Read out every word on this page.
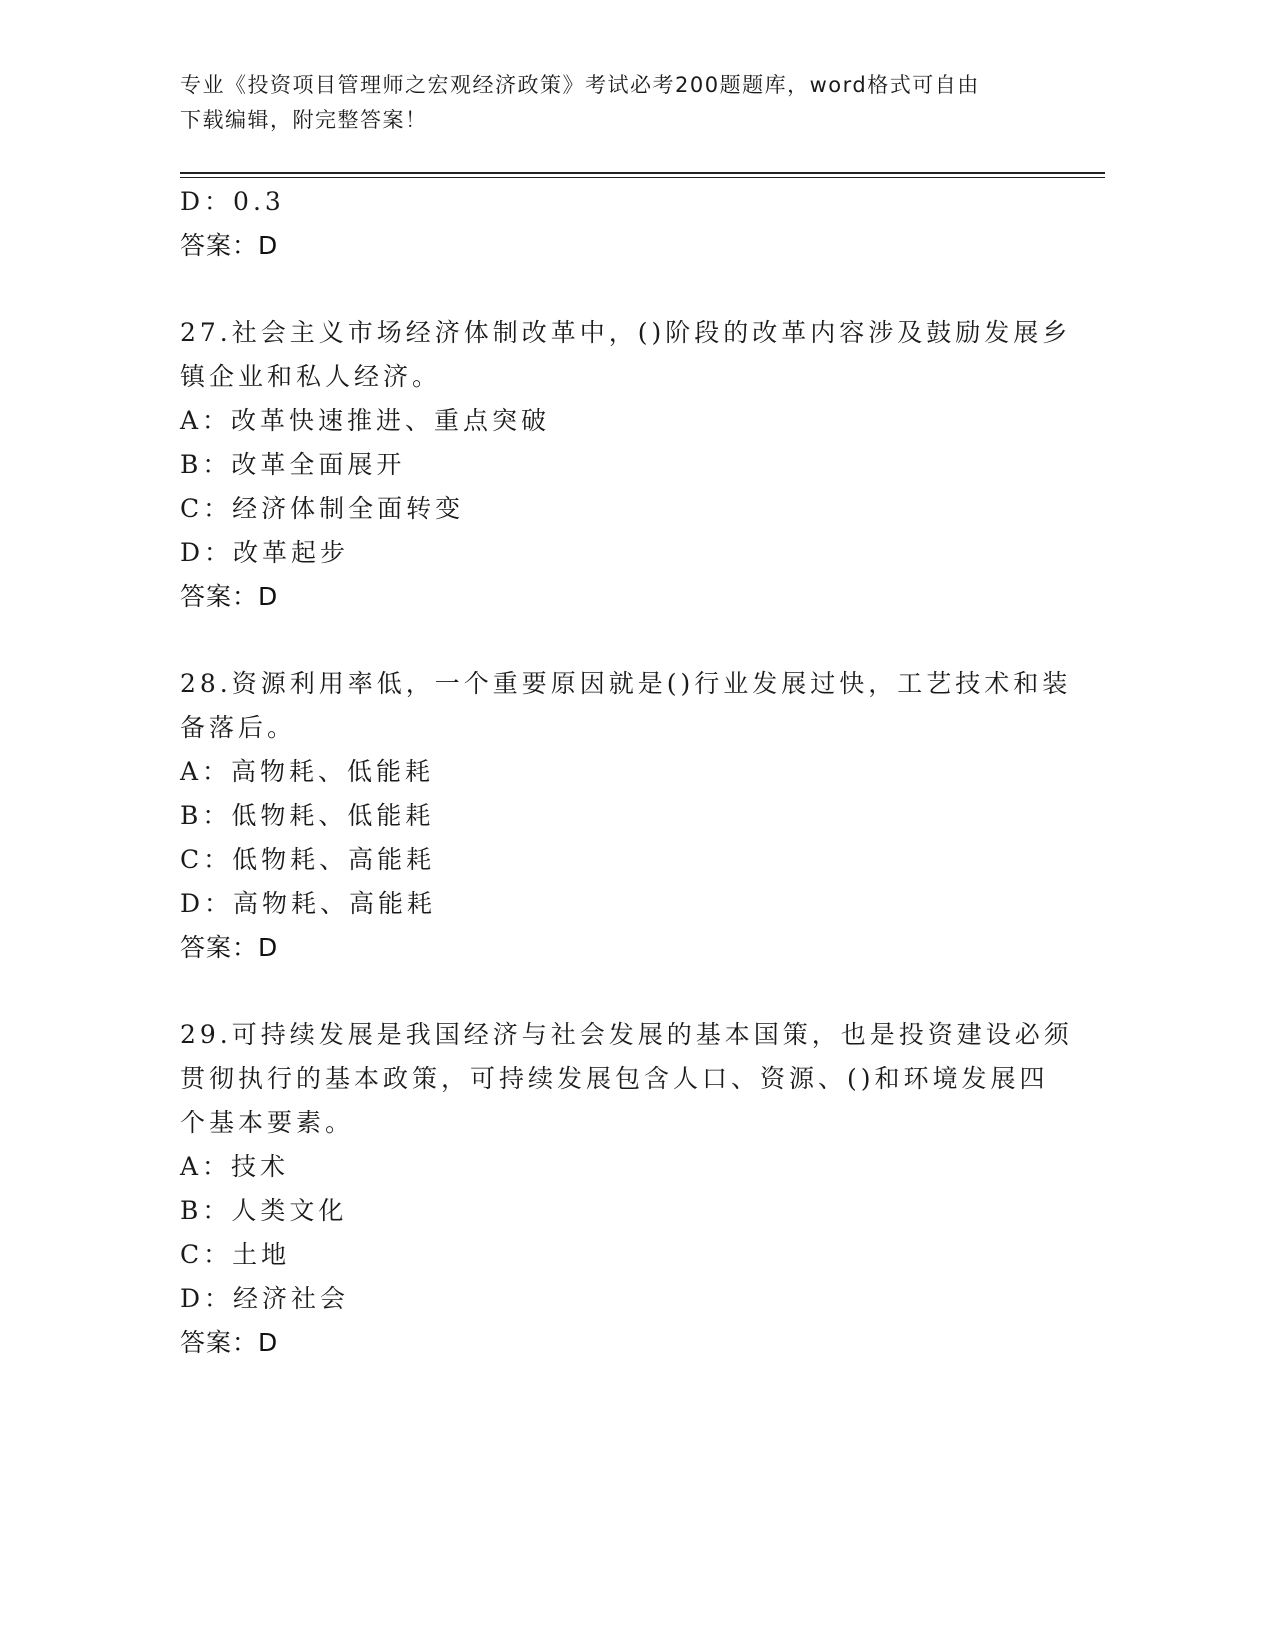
专业《投资项目管理师之宏观经济政策》考试必考200题题库，word格式可自由
下载编辑，附完整答案！
D：0.3
答案：D
27.社会主义市场经济体制改革中，()阶段的改革内容涉及鼓励发展乡
镇企业和私人经济。
A：改革快速推进、重点突破
B：改革全面展开
C：经济体制全面转变
D：改革起步
答案：D
28.资源利用率低，一个重要原因就是()行业发展过快，工艺技术和装
备落后。
A：高物耗、低能耗
B：低物耗、低能耗
C：低物耗、高能耗
D：高物耗、高能耗
答案：D
29.可持续发展是我国经济与社会发展的基本国策，也是投资建设必须
贯彻执行的基本政策，可持续发展包含人口、资源、()和环境发展四
个基本要素。
A：技术
B：人类文化
C：土地
D：经济社会
答案：D
